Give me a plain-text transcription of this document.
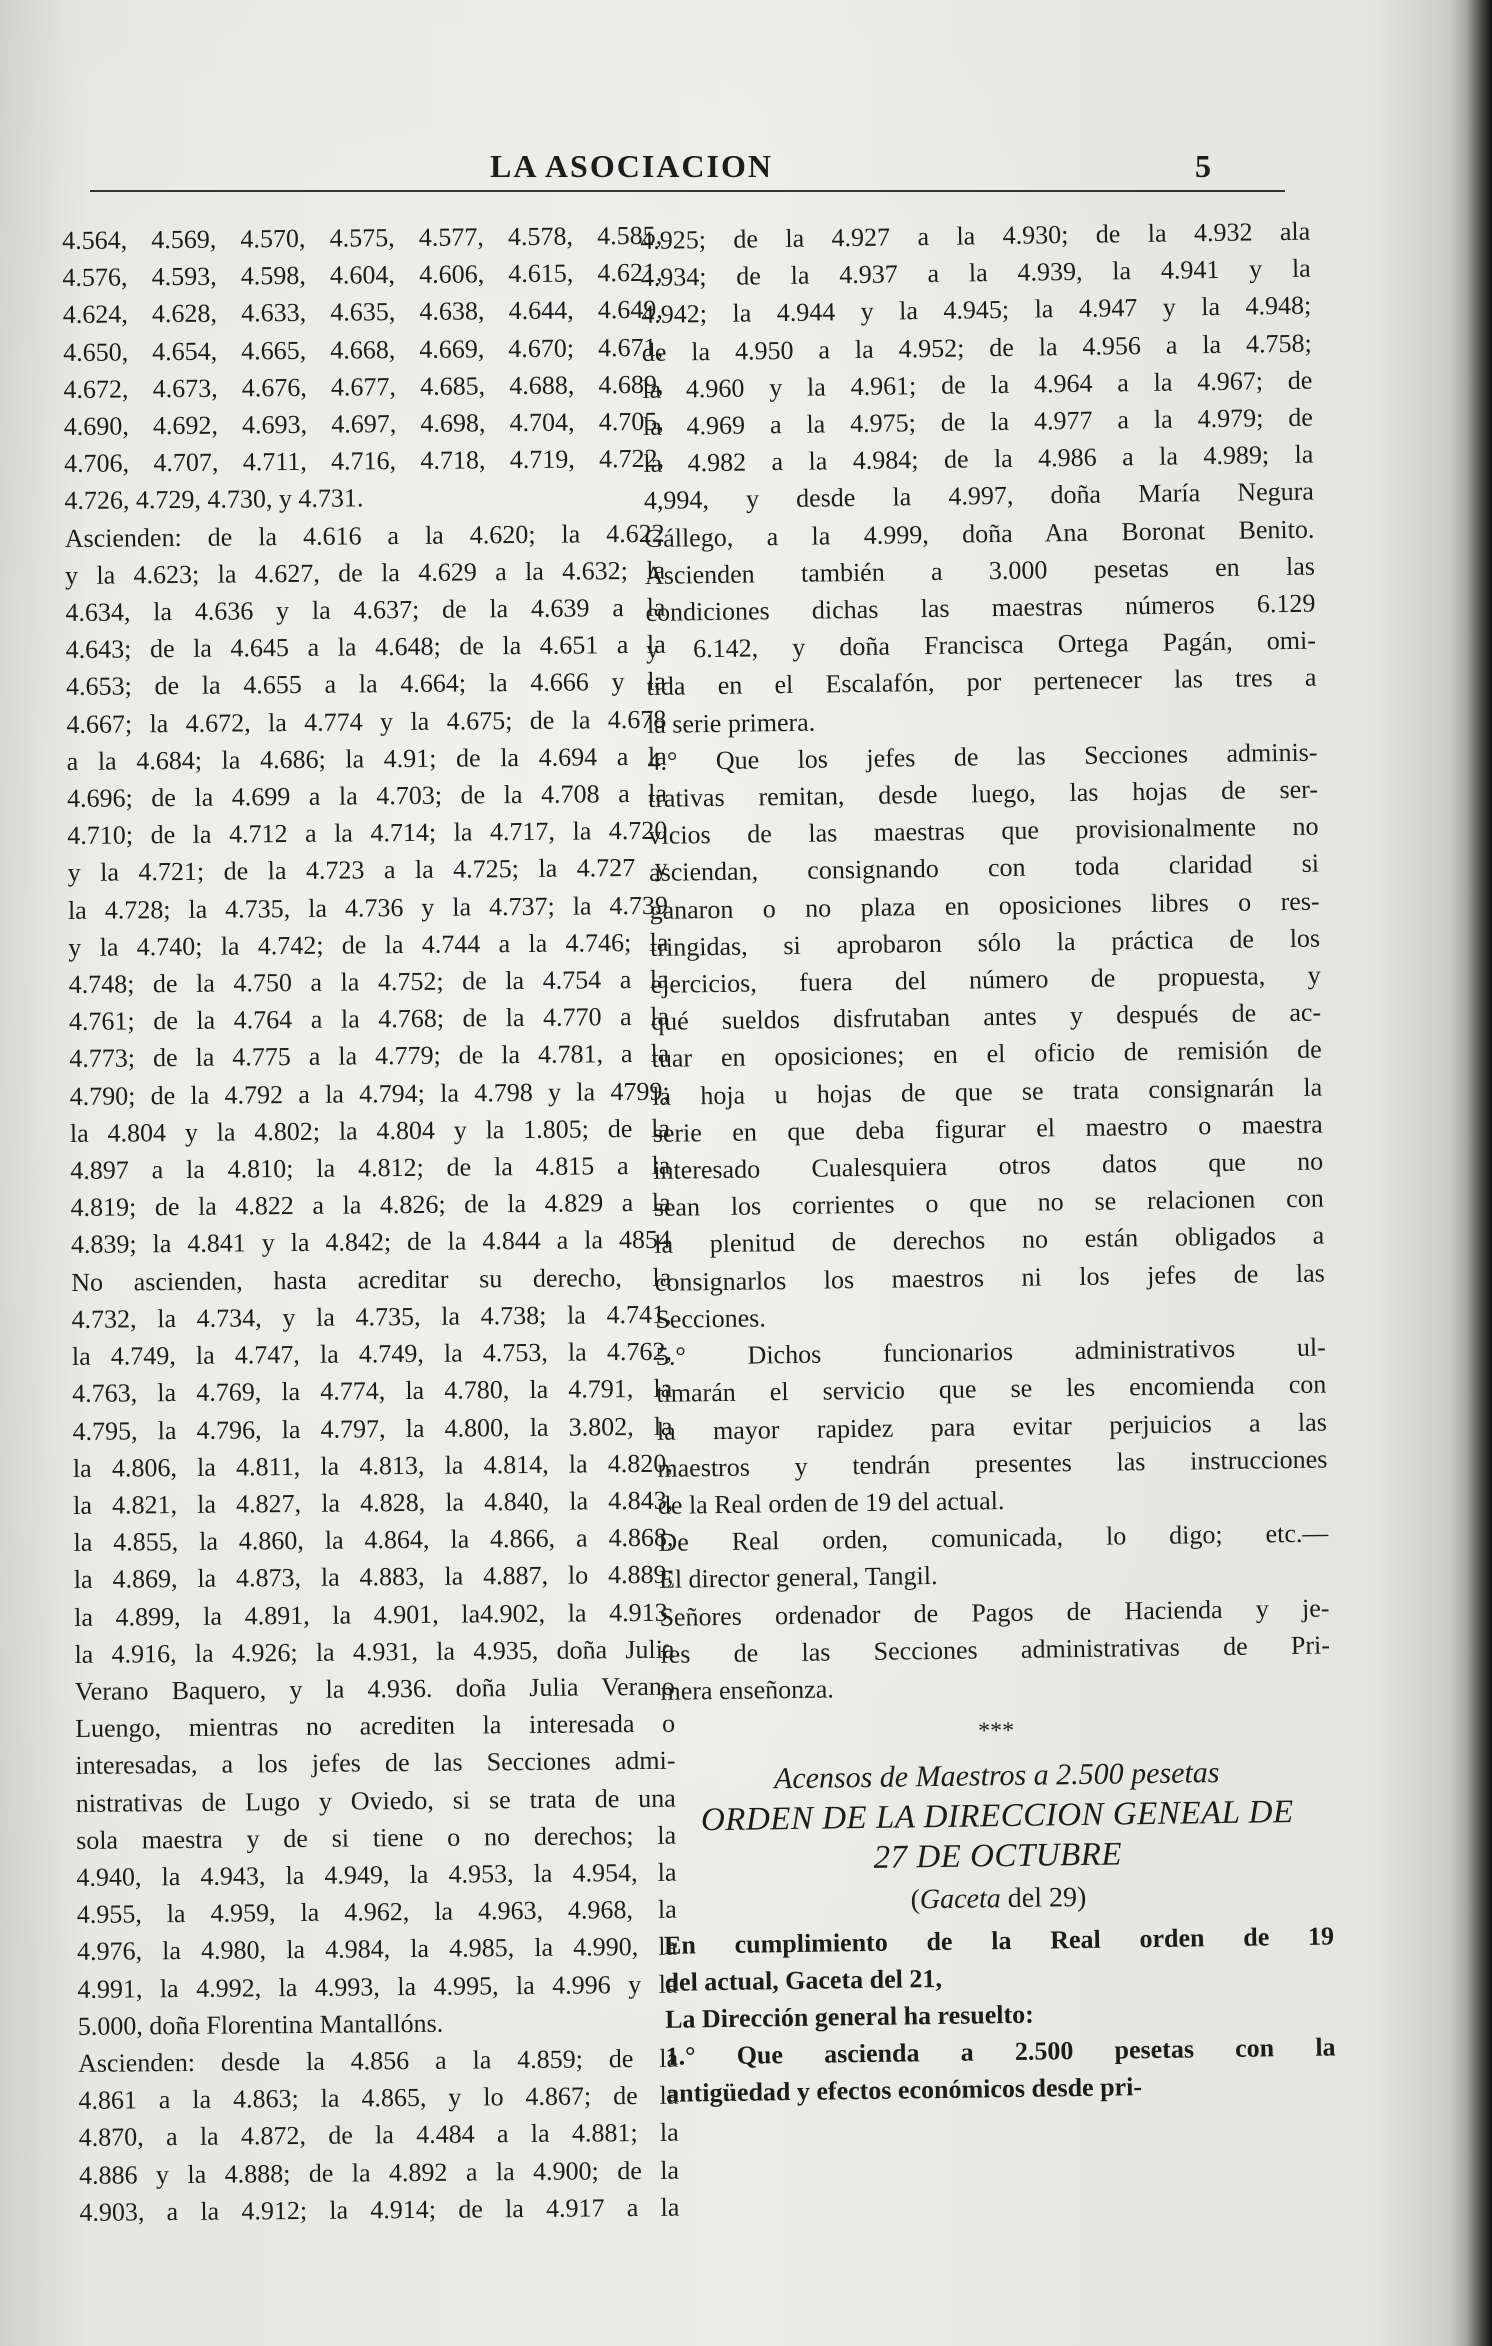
LA ASOCIACION	5
4.564, 4.569, 4.570, 4.575, 4.577, 4.578, 4.585,
4.576, 4.593, 4.598, 4.604, 4.606, 4.615, 4.621,
4.624, 4.628, 4.633, 4.635, 4.638, 4.644, 4.649,
4.650, 4.654, 4.665, 4.668, 4.669, 4.670; 4.671,
4.672, 4.673, 4.676, 4.677, 4.685, 4.688, 4.689,
4.690, 4.692, 4.693, 4.697, 4.698, 4.704, 4.705,
4.706, 4.707, 4.711, 4.716, 4.718, 4.719, 4.722,
4.726, 4.729, 4.730, y 4.731.
Ascienden: de la 4.616 a la 4.620; la 4.622
y la 4.623; la 4.627, de la 4.629 a la 4.632; la
4.634, la 4.636 y la 4.637; de la 4.639 a la
4.643; de la 4.645 a la 4.648; de la 4.651 a la
4.653; de la 4.655 a la 4.664; la 4.666 y la
4.667; la 4.672, la 4.774 y la 4.675; de la 4.678
a la 4.684; la 4.686; la 4.91; de la 4.694 a la
4.696; de la 4.699 a la 4.703; de la 4.708 a la
4.710; de la 4.712 a la 4.714; la 4.717, la 4.720
y la 4.721; de la 4.723 a la 4.725; la 4.727 y
la 4.728; la 4.735, la 4.736 y la 4.737; la 4.739
y la 4.740; la 4.742; de la 4.744 a la 4.746; la
4.748; de la 4.750 a la 4.752; de la 4.754 a la
4.761; de la 4.764 a la 4.768; de la 4.770 a la
4.773; de la 4.775 a la 4.779; de la 4.781, a la
4.790; de la 4.792 a la 4.794; la 4.798 y la 4799;
la 4.804 y la 4.802; la 4.804 y la 1.805; de la
4.897 a la 4.810; la 4.812; de la 4.815 a la
4.819; de la 4.822 a la 4.826; de la 4.829 a la
4.839; la 4.841 y la 4.842; de la 4.844 a la 4854
No ascienden, hasta acreditar su derecho, la
4.732, la 4.734, y la 4.735, la 4.738; la 4.741,
la 4.749, la 4.747, la 4.749, la 4.753, la 4.762,
4.763, la 4.769, la 4.774, la 4.780, la 4.791, la
4.795, la 4.796, la 4.797, la 4.800, la 3.802, la
la 4.806, la 4.811, la 4.813, la 4.814, la 4.820,
la 4.821, la 4.827, la 4.828, la 4.840, la 4.843,
la 4.855, la 4.860, la 4.864, la 4.866, a 4.868,
la 4.869, la 4.873, la 4.883, la 4.887, lo 4.889;
la 4.899, la 4.891, la 4.901, la4.902, la 4.913,
la 4.916, la 4.926; la 4.931, la 4.935, doña Julia
Verano Baquero, y la 4.936. doña Julia Verano
Luengo, mientras no acrediten la interesada o
interesadas, a los jefes de las Secciones admi-
nistrativas de Lugo y Oviedo, si se trata de una
sola maestra y de si tiene o no derechos; la
4.940, la 4.943, la 4.949, la 4.953, la 4.954, la
4.955, la 4.959, la 4.962, la 4.963, 4.968, la
4.976, la 4.980, la 4.984, la 4.985, la 4.990, la
4.991, la 4.992, la 4.993, la 4.995, la 4.996 y la
5.000, doña Florentina Mantallóns.
Ascienden: desde la 4.856 a la 4.859; de la
4.861 a la 4.863; la 4.865, y lo 4.867; de la
4.870, a la 4.872, de la 4.484 a la 4.881; la
4.886 y la 4.888; de la 4.892 a la 4.900; de la
4.903, a la 4.912; la 4.914; de la 4.917 a la
4.925; de la 4.927 a la 4.930; de la 4.932 ala
4.934; de la 4.937 a la 4.939, la 4.941 y la
4.942; la 4.944 y la 4.945; la 4.947 y la 4.948;
de la 4.950 a la 4.952; de la 4.956 a la 4.758;
la 4.960 y la 4.961; de la 4.964 a la 4.967; de
la 4.969 a la 4.975; de la 4.977 a la 4.979; de
la 4.982 a la 4.984; de la 4.986 a la 4.989; la
4,994, y desde la 4.997, doña María Negura
Gállego, a la 4.999, doña Ana Boronat Benito.
Ascienden también a 3.000 pesetas en las
condiciones dichas las maestras números 6.129
y 6.142, y doña Francisca Ortega Pagán, omi-
tida en el Escalafón, por pertenecer las tres a
la serie primera.
4.° Que los jefes de las Secciones adminis-
trativas remitan, desde luego, las hojas de ser-
vicios de las maestras que provisionalmente no
asciendan, consignando con toda claridad si
ganaron o no plaza en oposiciones libres o res-
tringidas, si aprobaron sólo la práctica de los
ejercicios, fuera del número de propuesta, y
qué sueldos disfrutaban antes y después de ac-
tuar en oposiciones; en el oficio de remisión de
la hoja u hojas de que se trata consignarán la
serie en que deba figurar el maestro o maestra
interesado Cualesquiera otros datos que no
sean los corrientes o que no se relacionen con
la plenitud de derechos no están obligados a
consignarlos los maestros ni los jefes de las
Secciones.
5.° Dichos funcionarios administrativos ul-
timarán el servicio que se les encomienda con
la mayor rapidez para evitar perjuicios a las
maestros y tendrán presentes las instrucciones
de la Real orden de 19 del actual.
De Real orden, comunicada, lo digo; etc.—
El director general, Tangil.
Señores ordenador de Pagos de Hacienda y je-
fes de las Secciones administrativas de Pri-
mera enseñonza.
***
Acensos de Maestros a 2.500 pesetas
ORDEN DE LA DIRECCION GENEAL DE
27 DE OCTUBRE
(Gaceta del 29)
En cumplimiento de la Real orden de 19
del actual, Gaceta del 21,
La Dirección general ha resuelto:
1.° Que ascienda a 2.500 pesetas con la
antigüedad y efectos económicos desde pri-
